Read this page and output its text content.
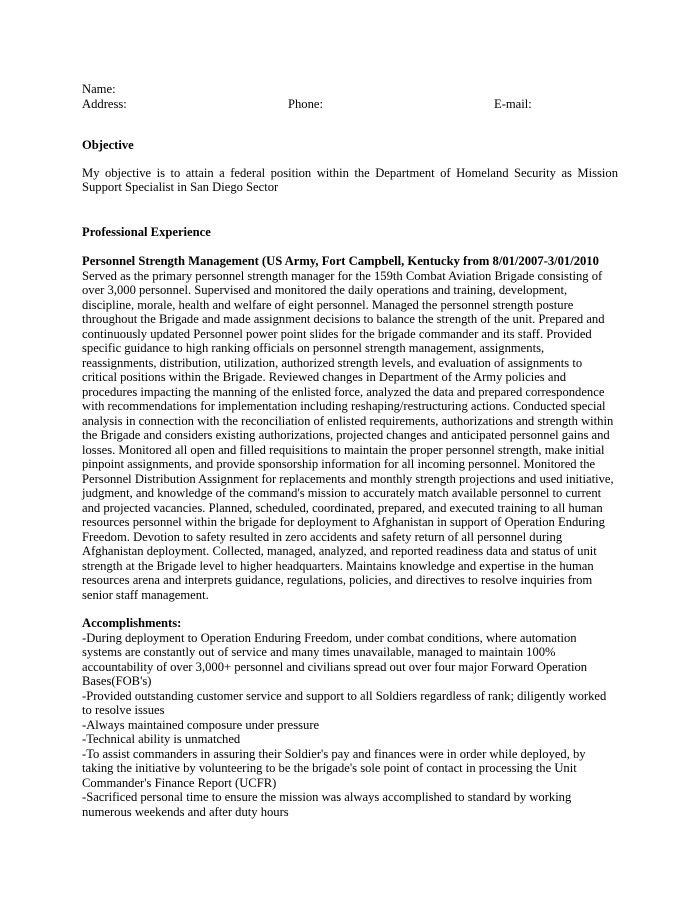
Name:
Address:	Phone:	E-mail:
Objective
My objective is to attain a federal position within the Department of Homeland Security as Mission Support Specialist in San Diego Sector
Professional Experience
Personnel Strength Management (US Army, Fort Campbell, Kentucky from 8/01/2007-3/01/2010

Served as the primary personnel strength manager for the 159th Combat Aviation Brigade consisting of over 3,000 personnel. Supervised and monitored the daily operations and training, development, discipline, morale, health and welfare of eight personnel. Managed the personnel strength posture throughout the Brigade and made assignment decisions to balance the strength of the unit. Prepared and continuously updated Personnel power point slides for the brigade commander and its staff. Provided specific guidance to high ranking officials on personnel strength management, assignments, reassignments, distribution, utilization, authorized strength levels, and evaluation of assignments to critical positions within the Brigade. Reviewed changes in Department of the Army policies and procedures impacting the manning of the enlisted force, analyzed the data and prepared correspondence with recommendations for implementation including reshaping/restructuring actions. Conducted special analysis in connection with the reconciliation of enlisted requirements, authorizations and strength within the Brigade and considers existing authorizations, projected changes and anticipated personnel gains and losses. Monitored all open and filled requisitions to maintain the proper personnel strength, make initial pinpoint assignments, and provide sponsorship information for all incoming personnel. Monitored the Personnel Distribution Assignment for replacements and monthly strength projections and used initiative, judgment, and knowledge of the command's mission to accurately match available personnel to current and projected vacancies. Planned, scheduled, coordinated, prepared, and executed training to all human resources personnel within the brigade for deployment to Afghanistan in support of Operation Enduring Freedom. Devotion to safety resulted in zero accidents and safety return of all personnel during Afghanistan deployment. Collected, managed, analyzed, and reported readiness data and status of unit strength at the Brigade level to higher headquarters. Maintains knowledge and expertise in the human resources arena and interprets guidance, regulations, policies, and directives to resolve inquiries from senior staff management.

Accomplishments:
-During deployment to Operation Enduring Freedom, under combat conditions, where automation systems are constantly out of service and many times unavailable, managed to maintain 100% accountability of over 3,000+ personnel and civilians spread out over four major Forward Operation Bases(FOB's)
-Provided outstanding customer service and support to all Soldiers regardless of rank; diligently worked to resolve issues
-Always maintained composure under pressure
-Technical ability is unmatched
-To assist commanders in assuring their Soldier's pay and finances were in order while deployed, by taking the initiative by volunteering to be the brigade's sole point of contact in processing the Unit Commander's Finance Report (UCFR)
-Sacrificed personal time to ensure the mission was always accomplished to standard by working numerous weekends and after duty hours
